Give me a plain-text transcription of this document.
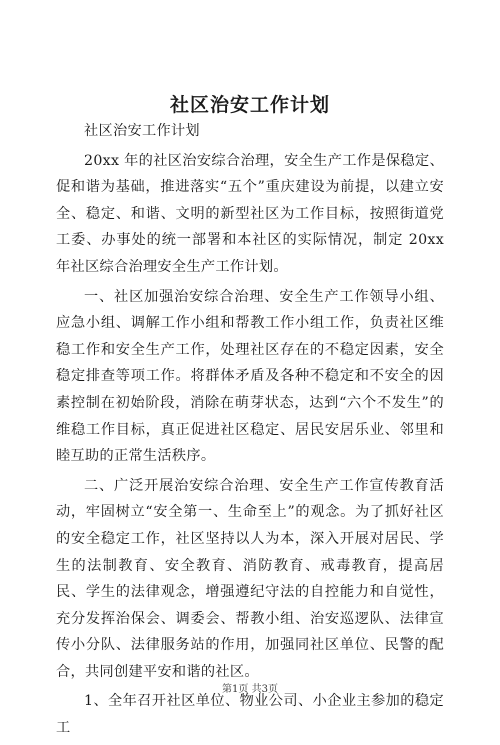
社区治安工作计划

社区治安工作计划

20xx 年的社区治安综合治理，安全生产工作是保稳定、促和谐为基础，推进落实“五个”重庆建设为前提，以建立安全、稳定、和谐、文明的新型社区为工作目标，按照街道党工委、办事处的统一部署和本社区的实际情况，制定 20xx 年社区综合治理安全生产工作计划。

一、社区加强治安综合治理、安全生产工作领导小组、应急小组、调解工作小组和帮教工作小组工作，负责社区维稳工作和安全生产工作，处理社区存在的不稳定因素，安全稳定排查等项工作。将群体矛盾及各种不稳定和不安全的因素控制在初始阶段，消除在萌芽状态，达到“六个不发生”的维稳工作目标，真正促进社区稳定、居民安居乐业、邻里和睦互助的正常生活秩序。

二、广泛开展治安综合治理、安全生产工作宣传教育活动，牢固树立“安全第一、生命至上”的观念。为了抓好社区的安全稳定工作，社区坚持以人为本，深入开展对居民、学生的法制教育、安全教育、消防教育、戒毒教育，提高居民、学生的法律观念，增强遵纪守法的自控能力和自觉性，充分发挥治保会、调委会、帮教小组、治安巡逻队、法律宣传小分队、法律服务站的作用，加强同社区单位、民警的配合，共同创建平安和谐的社区。

1、全年召开社区单位、物业公司、小企业主参加的稳定工

第1页 共3页
